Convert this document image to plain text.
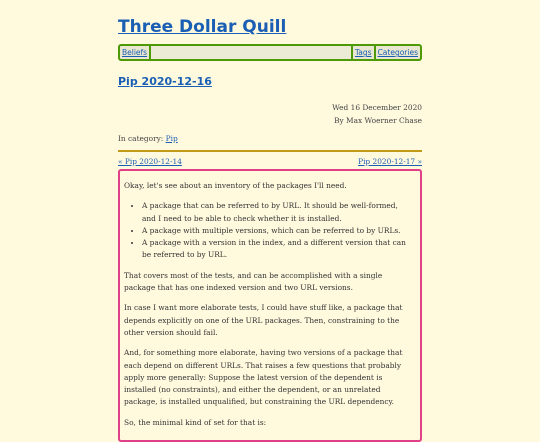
Three Dollar Quill
Beliefs	Tags Categories
Pip 2020-12-16
Wed 16 December 2020
By Max Woerner Chase
In category: Pip
« Pip 2020-12-14	Pip 2020-12-17 »

Okay, let's see about an inventory of the packages I'll need.

• A package that can be referred to by URL. It should be well-formed, and I need to be able to check whether it is installed.
• A package with multiple versions, which can be referred to by URLs.
• A package with a version in the index, and a different version that can be referred to by URL.

That covers most of the tests, and can be accomplished with a single package that has one indexed version and two URL versions.

In case I want more elaborate tests, I could have stuff like, a package that depends explicitly on one of the URL packages. Then, constraining to the other version should fail.

And, for something more elaborate, having two versions of a package that each depend on different URLs. That raises a few questions that probably apply more generally: Suppose the latest version of the dependent is installed (no constraints), and either the dependent, or an unrelated package, is installed unqualified, but constraining the URL dependency.

So, the minimal kind of set for that is:
